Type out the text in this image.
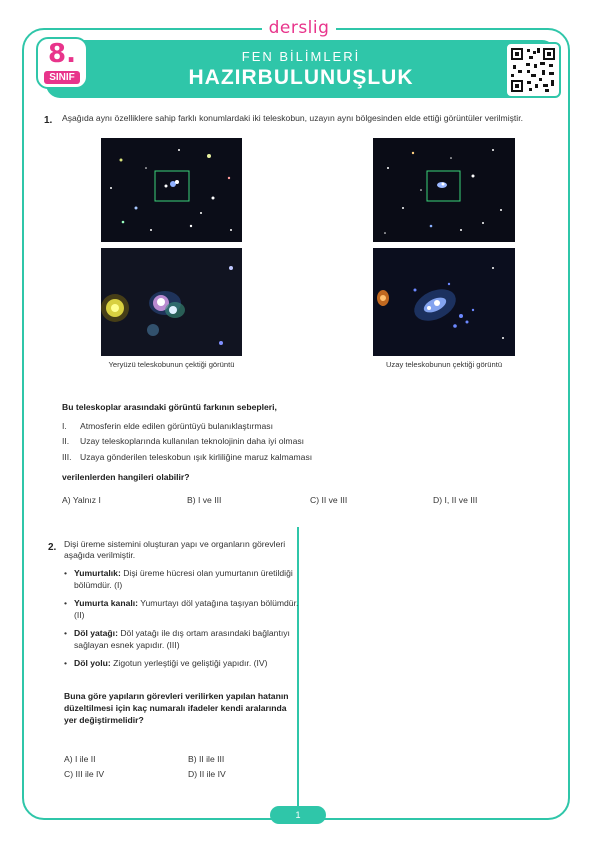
derslig
FEN BİLİMLERİ
HAZIRBULUNUŞLUK
8.
SINIF
1. Aşağıda aynı özelliklere sahip farklı konumlardaki iki teleskobun, uzayın aynı bölgesinden elde ettiği görüntüler verilmiştir.
Yeryüzü teleskobunun çektiği görüntü	Uzay teleskobunun çektiği görüntü
Bu teleskoplar arasındaki görüntü farkının sebepleri,
I.	Atmosferin elde edilen görüntüyü bulanıklaştırması
II.	Uzay teleskoplarında kullanılan teknolojinin daha iyi olması
III. Uzaya gönderilen teleskobun ışık kirliliğine maruz kalmaması
verilenlerden hangileri olabilir?
A) Yalnız I	B) I ve III	C) II ve III	D) I, II ve III
2. Dişi üreme sistemini oluşturan yapı ve organların görevleri aşağıda verilmiştir.
• Yumurtalık: Dişi üreme hücresi olan yumurtanın üretildiği bölümdür. (I)
• Yumurta kanalı: Yumurtayı döl yatağına taşıyan bölümdür. (II)
• Döl yatağı: Döl yatağı ile dış ortam arasındaki bağlantıyı sağlayan esnek yapıdır. (III)
• Döl yolu: Zigotun yerleştiği ve geliştiği yapıdır. (IV)
Buna göre yapıların görevleri verilirken yapılan hatanın düzeltilmesi için kaç numaralı ifadeler kendi aralarında yer değiştirmelidir?
A) I ile II	B) II ile III
C) III ile IV	D) II ile IV
1
